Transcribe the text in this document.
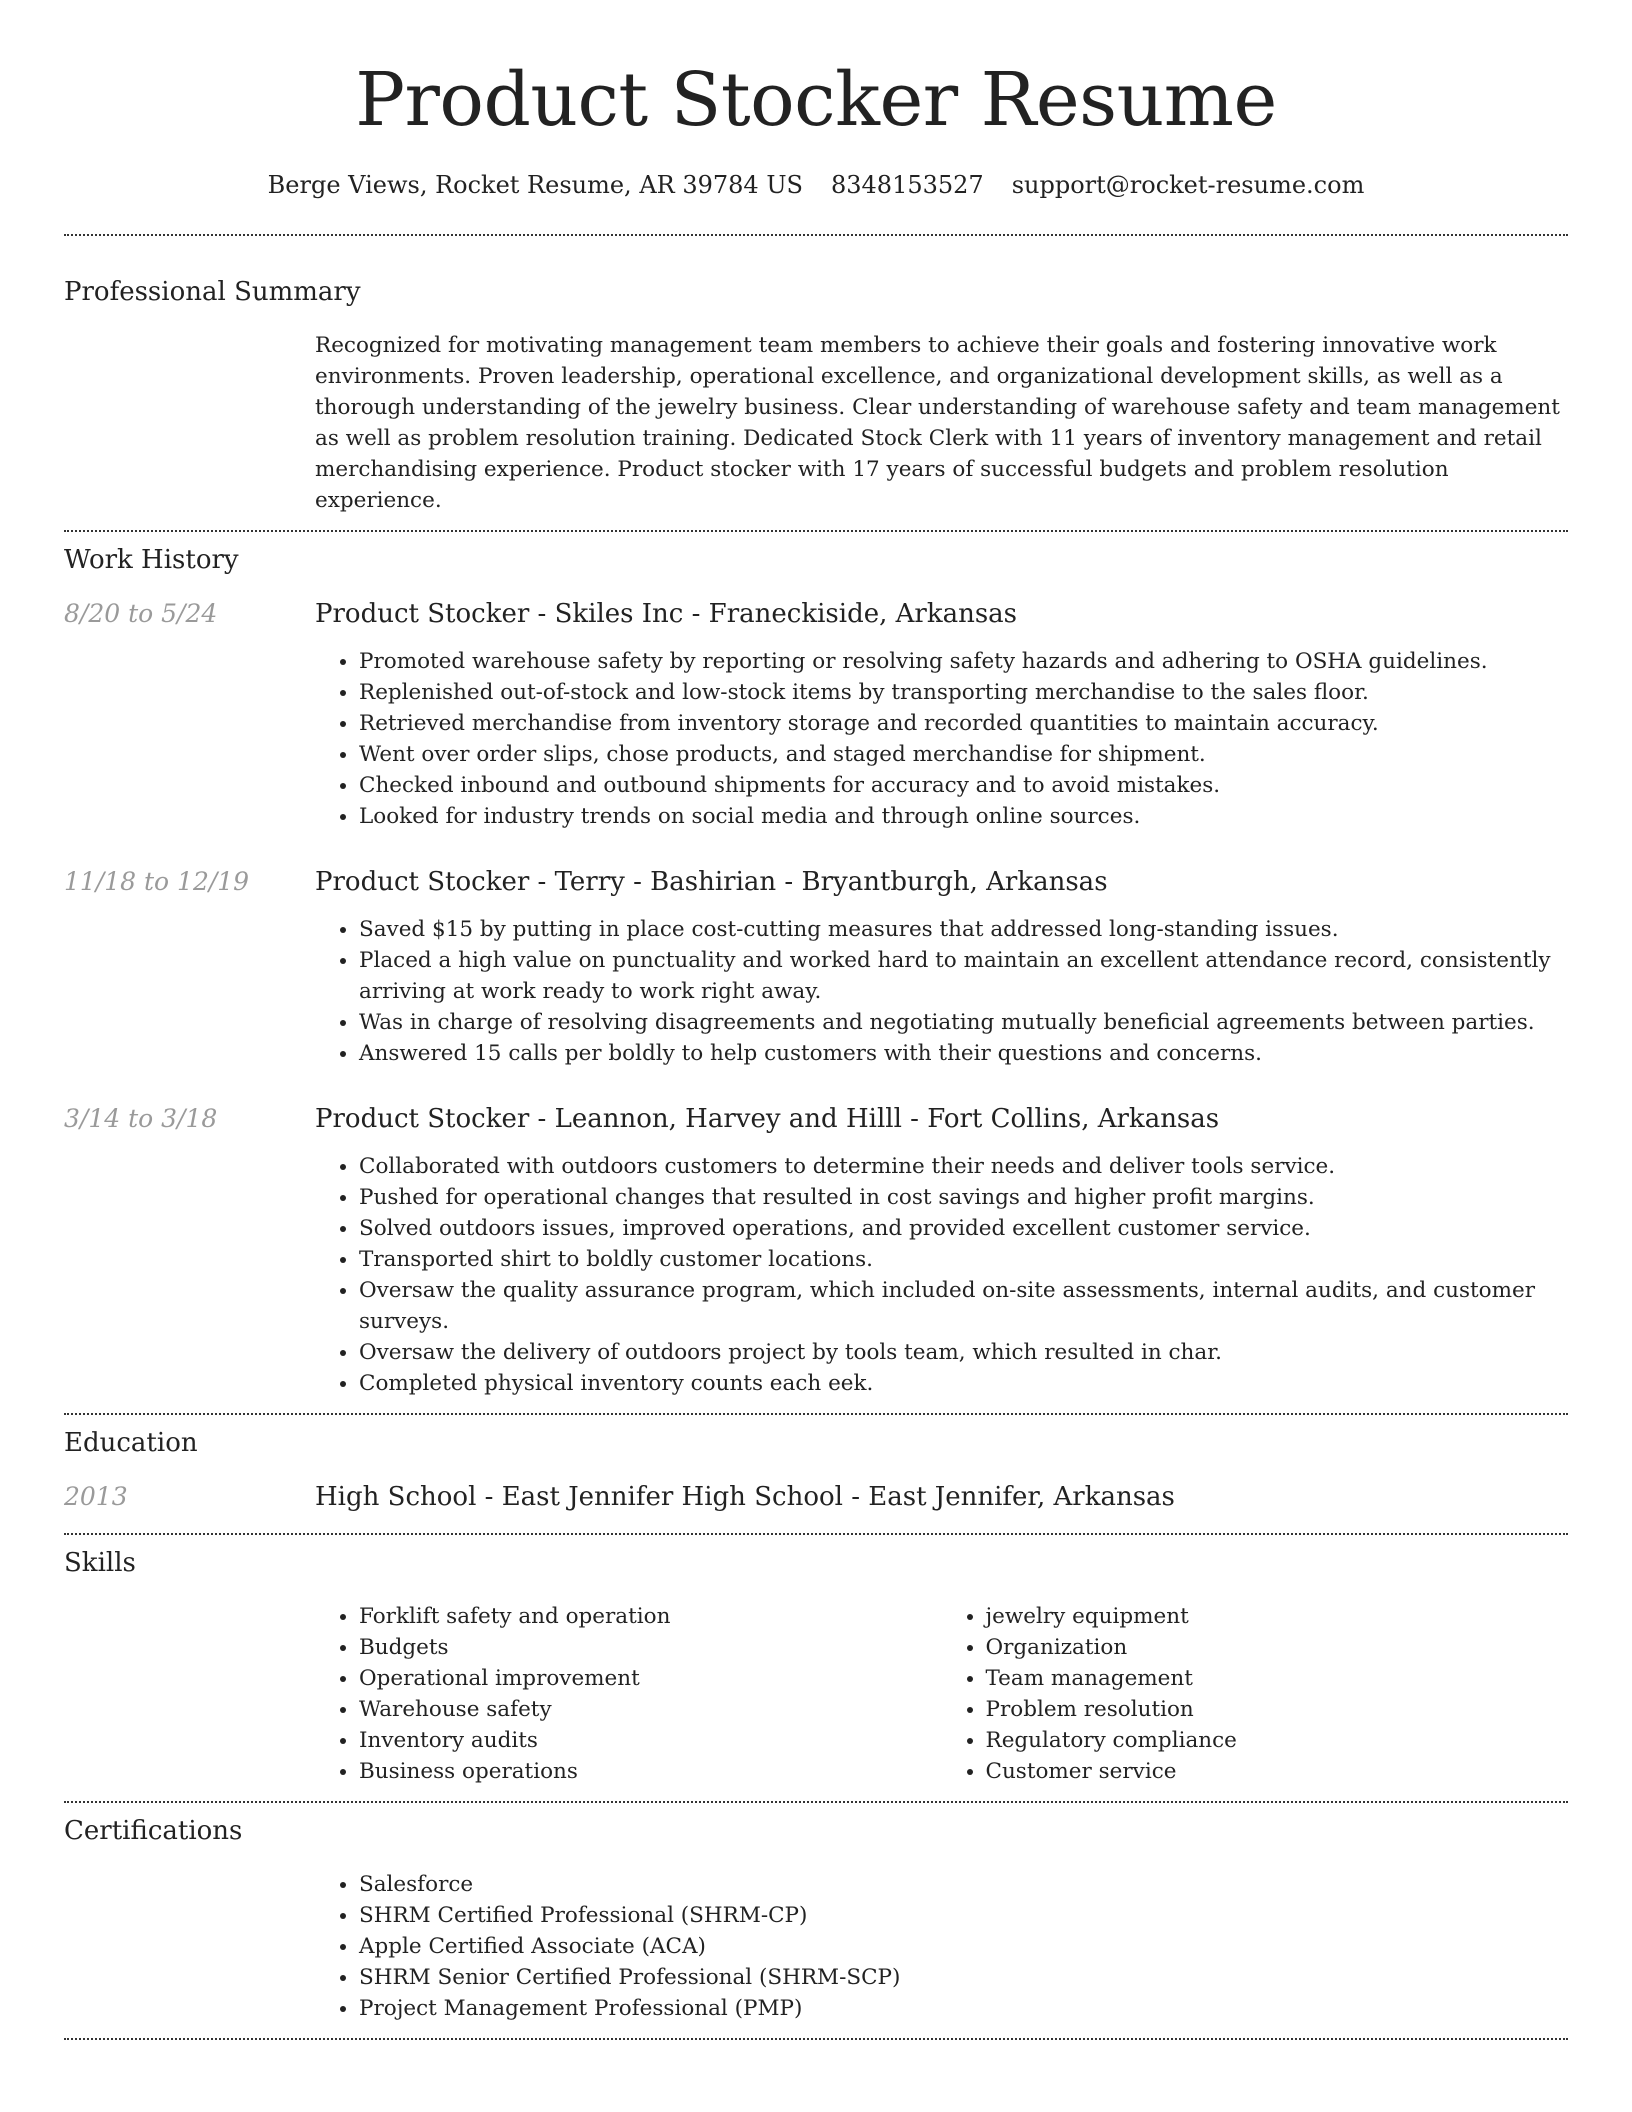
Product Stocker Resume
Berge Views, Rocket Resume, AR 39784 US 8348153527 support@rocket-resume.com
Professional Summary

Recognized for motivating management team members to achieve their goals and fostering innovative work environments. Proven leadership, operational excellence, and organizational development skills, as well as a thorough understanding of the jewelry business. Clear understanding of warehouse safety and team management as well as problem resolution training. Dedicated Stock Clerk with 11 years of inventory management and retail merchandising experience. Product stocker with 17 years of successful budgets and problem resolution experience.

Work History
8/20 to 5/24	Product Stocker - Skiles Inc - Franeckiside, Arkansas
• Promoted warehouse safety by reporting or resolving safety hazards and adhering to OSHA guidelines.
• Replenished out-of-stock and low-stock items by transporting merchandise to the sales floor.
• Retrieved merchandise from inventory storage and recorded quantities to maintain accuracy.
• Went over order slips, chose products, and staged merchandise for shipment.
• Checked inbound and outbound shipments for accuracy and to avoid mistakes.
• Looked for industry trends on social media and through online sources.
11/18 to 12/19	Product Stocker - Terry - Bashirian - Bryantburgh, Arkansas
• Saved $15 by putting in place cost-cutting measures that addressed long-standing issues.
• Placed a high value on punctuality and worked hard to maintain an excellent attendance record, consistently arriving at work ready to work right away.
• Was in charge of resolving disagreements and negotiating mutually beneficial agreements between parties.
• Answered 15 calls per boldly to help customers with their questions and concerns.
3/14 to 3/18	Product Stocker - Leannon, Harvey and Hilll - Fort Collins, Arkansas
• Collaborated with outdoors customers to determine their needs and deliver tools service.
• Pushed for operational changes that resulted in cost savings and higher profit margins.
• Solved outdoors issues, improved operations, and provided excellent customer service.
• Transported shirt to boldly customer locations.
• Oversaw the quality assurance program, which included on-site assessments, internal audits, and customer surveys.
• Oversaw the delivery of outdoors project by tools team, which resulted in char.
• Completed physical inventory counts each eek.
Education
2013	High School - East Jennifer High School - East Jennifer, Arkansas
Skills
• Forklift safety and operation
• Budgets
• Operational improvement
• Warehouse safety
• Inventory audits
• Business operations
• jewelry equipment
• Organization
• Team management
• Problem resolution
• Regulatory compliance
• Customer service
Certifications
• Salesforce
• SHRM Certified Professional (SHRM-CP)
• Apple Certified Associate (ACA)
• SHRM Senior Certified Professional (SHRM-SCP)
• Project Management Professional (PMP)
